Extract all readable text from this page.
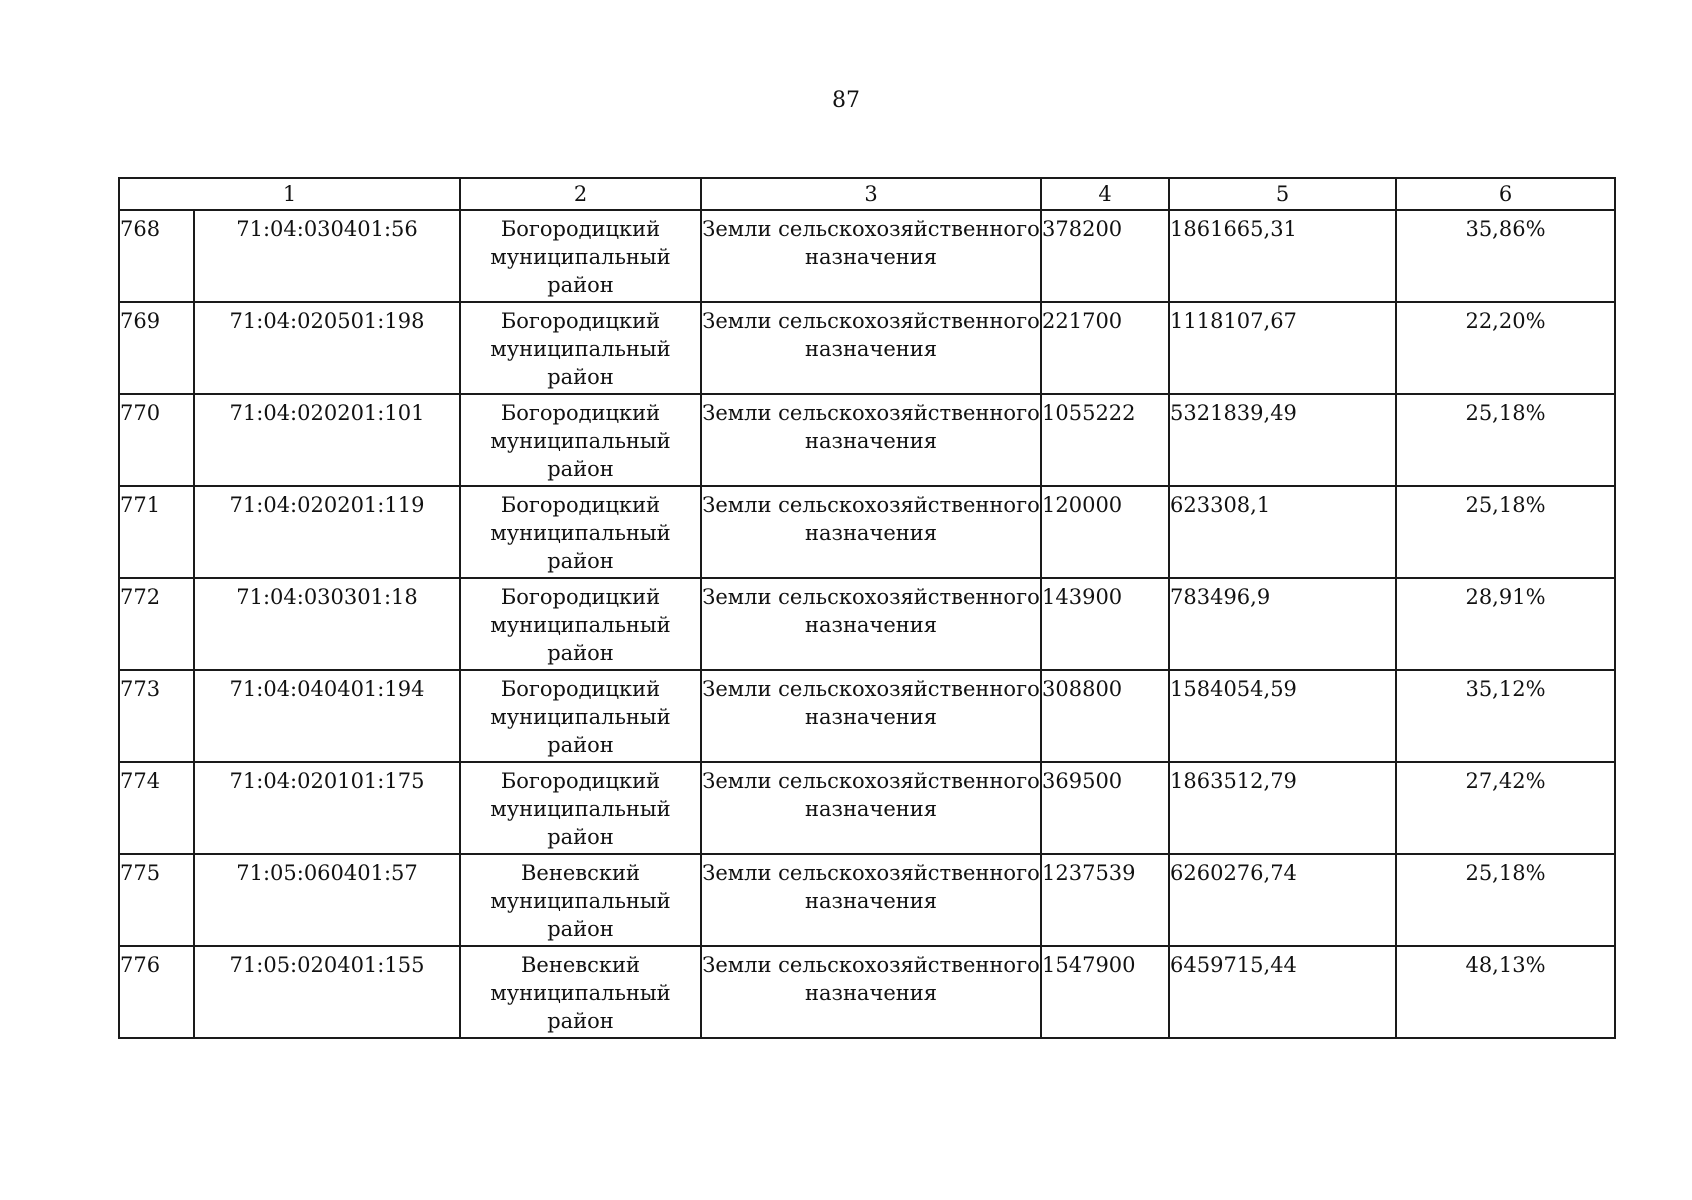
87
1		2	3	4	5	6

768	71:04:030401:56	Богородицкий
муниципальный
район	Земли сельскохозяйственного
назначения	378200	1861665,31	35,86%

769	71:04:020501:198	Богородицкий
муниципальный
район	Земли сельскохозяйственного
назначения	221700	1118107,67	22,20%

770	71:04:020201:101	Богородицкий
муниципальный
район	Земли сельскохозяйственного
назначения	1055222	5321839,49	25,18%

771	71:04:020201:119	Богородицкий
муниципальный
район	Земли сельскохозяйственного
назначения	120000	623308,1	25,18%

772	71:04:030301:18	Богородицкий
муниципальный
район	Земли сельскохозяйственного
назначения	143900	783496,9	28,91%

773	71:04:040401:194	Богородицкий
муниципальный
район	Земли сельскохозяйственного
назначения	308800	1584054,59	35,12%

774	71:04:020101:175	Богородицкий
муниципальный
район	Земли сельскохозяйственного
назначения	369500	1863512,79	27,42%

775	71:05:060401:57	Веневский
муниципальный
район	Земли сельскохозяйственного
назначения	1237539	6260276,74	25,18%

776	71:05:020401:155	Веневский
муниципальный
район	Земли сельскохозяйственного
назначения	1547900	6459715,44	48,13%
